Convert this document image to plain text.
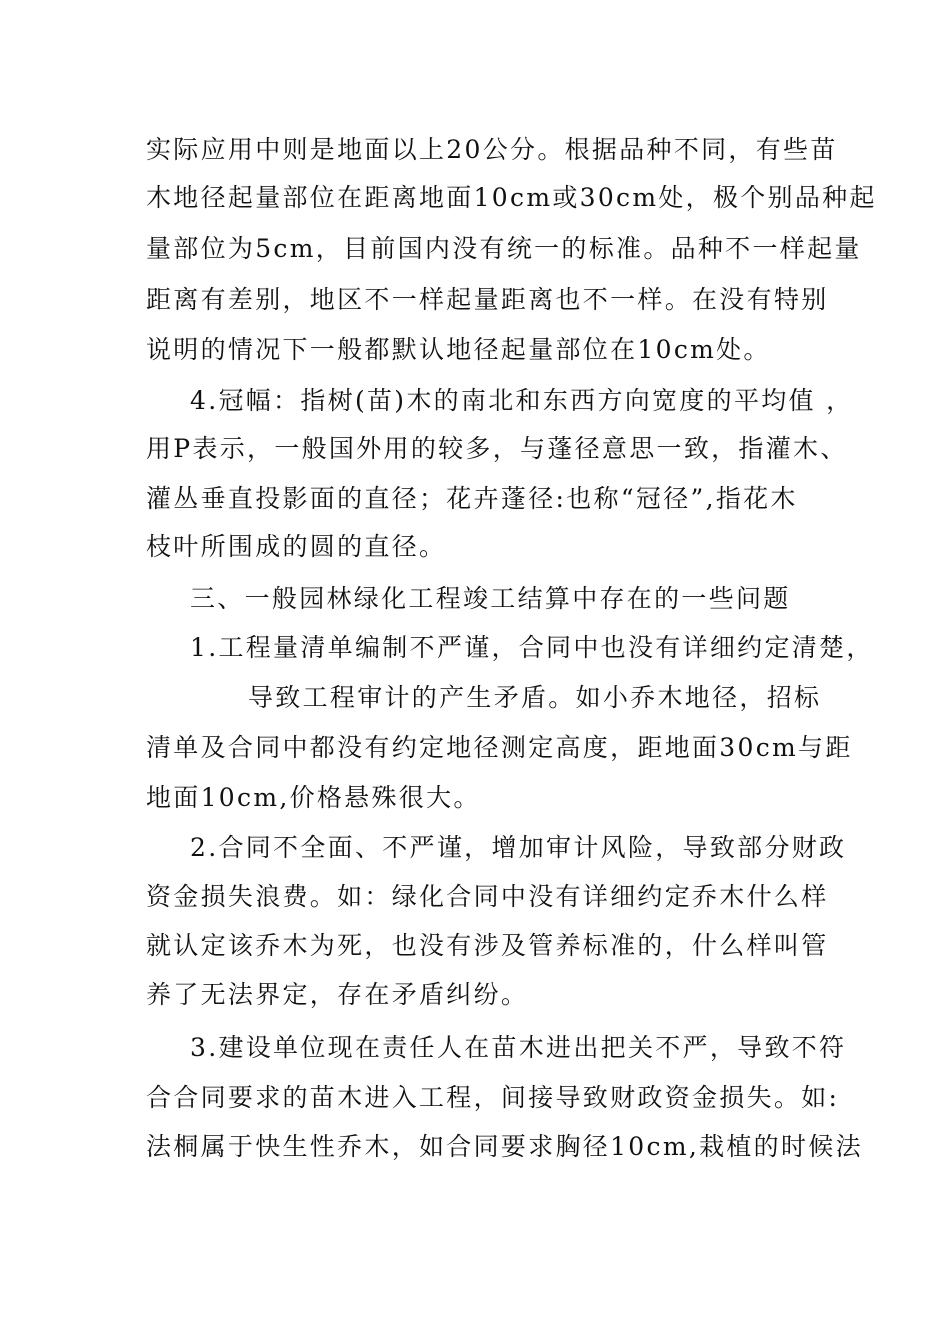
实际应用中则是地面以上20公分。根据品种不同，有些苗
木地径起量部位在距离地面10cm或30cm处，极个别品种起
量部位为5cm，目前国内没有统一的标准。品种不一样起量
距离有差别，地区不一样起量距离也不一样。在没有特别
说明的情况下一般都默认地径起量部位在10cm处。
4.冠幅：指树(苗)木的南北和东西方向宽度的平均值 ，
用P表示，一般国外用的较多，与蓬径意思一致，指灌木、
灌丛垂直投影面的直径；花卉蓬径:也称“冠径”,指花木
枝叶所围成的圆的直径。
三、一般园林绿化工程竣工结算中存在的一些问题
1.工程量清单编制不严谨，合同中也没有详细约定清楚，
导致工程审计的产生矛盾。如小乔木地径，招标
清单及合同中都没有约定地径测定高度，距地面30cm与距
地面10cm,价格悬殊很大。
2.合同不全面、不严谨，增加审计风险，导致部分财政
资金损失浪费。如：绿化合同中没有详细约定乔木什么样
就认定该乔木为死，也没有涉及管养标准的，什么样叫管
养了无法界定，存在矛盾纠纷。
3.建设单位现在责任人在苗木进出把关不严，导致不符
合合同要求的苗木进入工程，间接导致财政资金损失。如:
法桐属于快生性乔木，如合同要求胸径10cm,栽植的时候法
